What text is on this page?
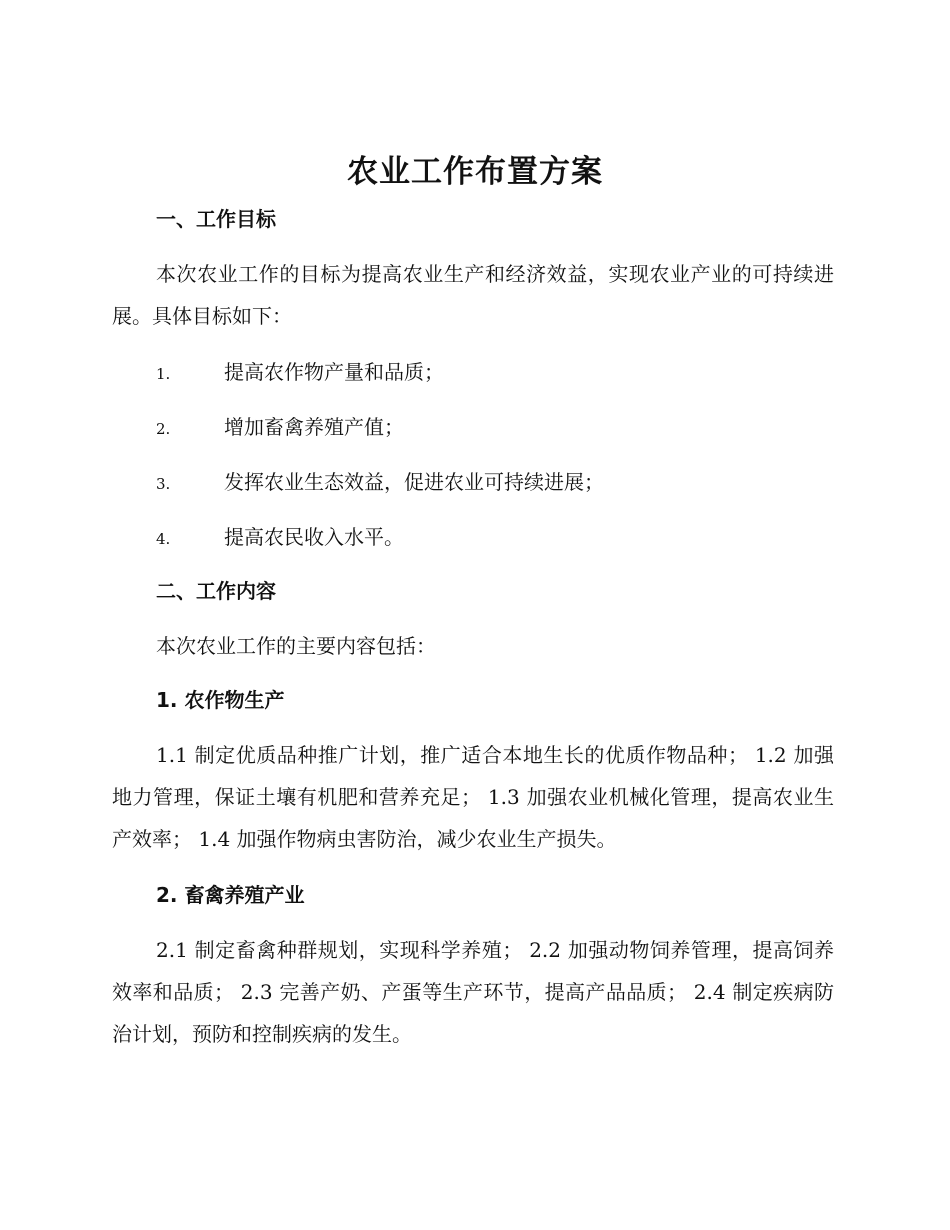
农业工作布置方案
一、工作目标

本次农业工作的目标为提高农业生产和经济效益，实现农业产业的可持续进展。具体目标如下：

1.	提高农作物产量和品质；
2.	增加畜禽养殖产值；
3.	发挥农业生态效益，促进农业可持续进展；
4.	提高农民收入水平。
二、工作内容
本次农业工作的主要内容包括：
1. 农作物生产

1.1 制定优质品种推广计划，推广适合本地生长的优质作物品种； 1.2 加强地力管理，保证土壤有机肥和营养充足； 1.3 加强农业机械化管理，提高农业生产效率； 1.4 加强作物病虫害防治，减少农业生产损失。

2. 畜禽养殖产业

2.1 制定畜禽种群规划，实现科学养殖； 2.2 加强动物饲养管理，提高饲养效率和品质； 2.3 完善产奶、产蛋等生产环节，提高产品品质； 2.4 制定疾病防治计划，预防和控制疾病的发生。
